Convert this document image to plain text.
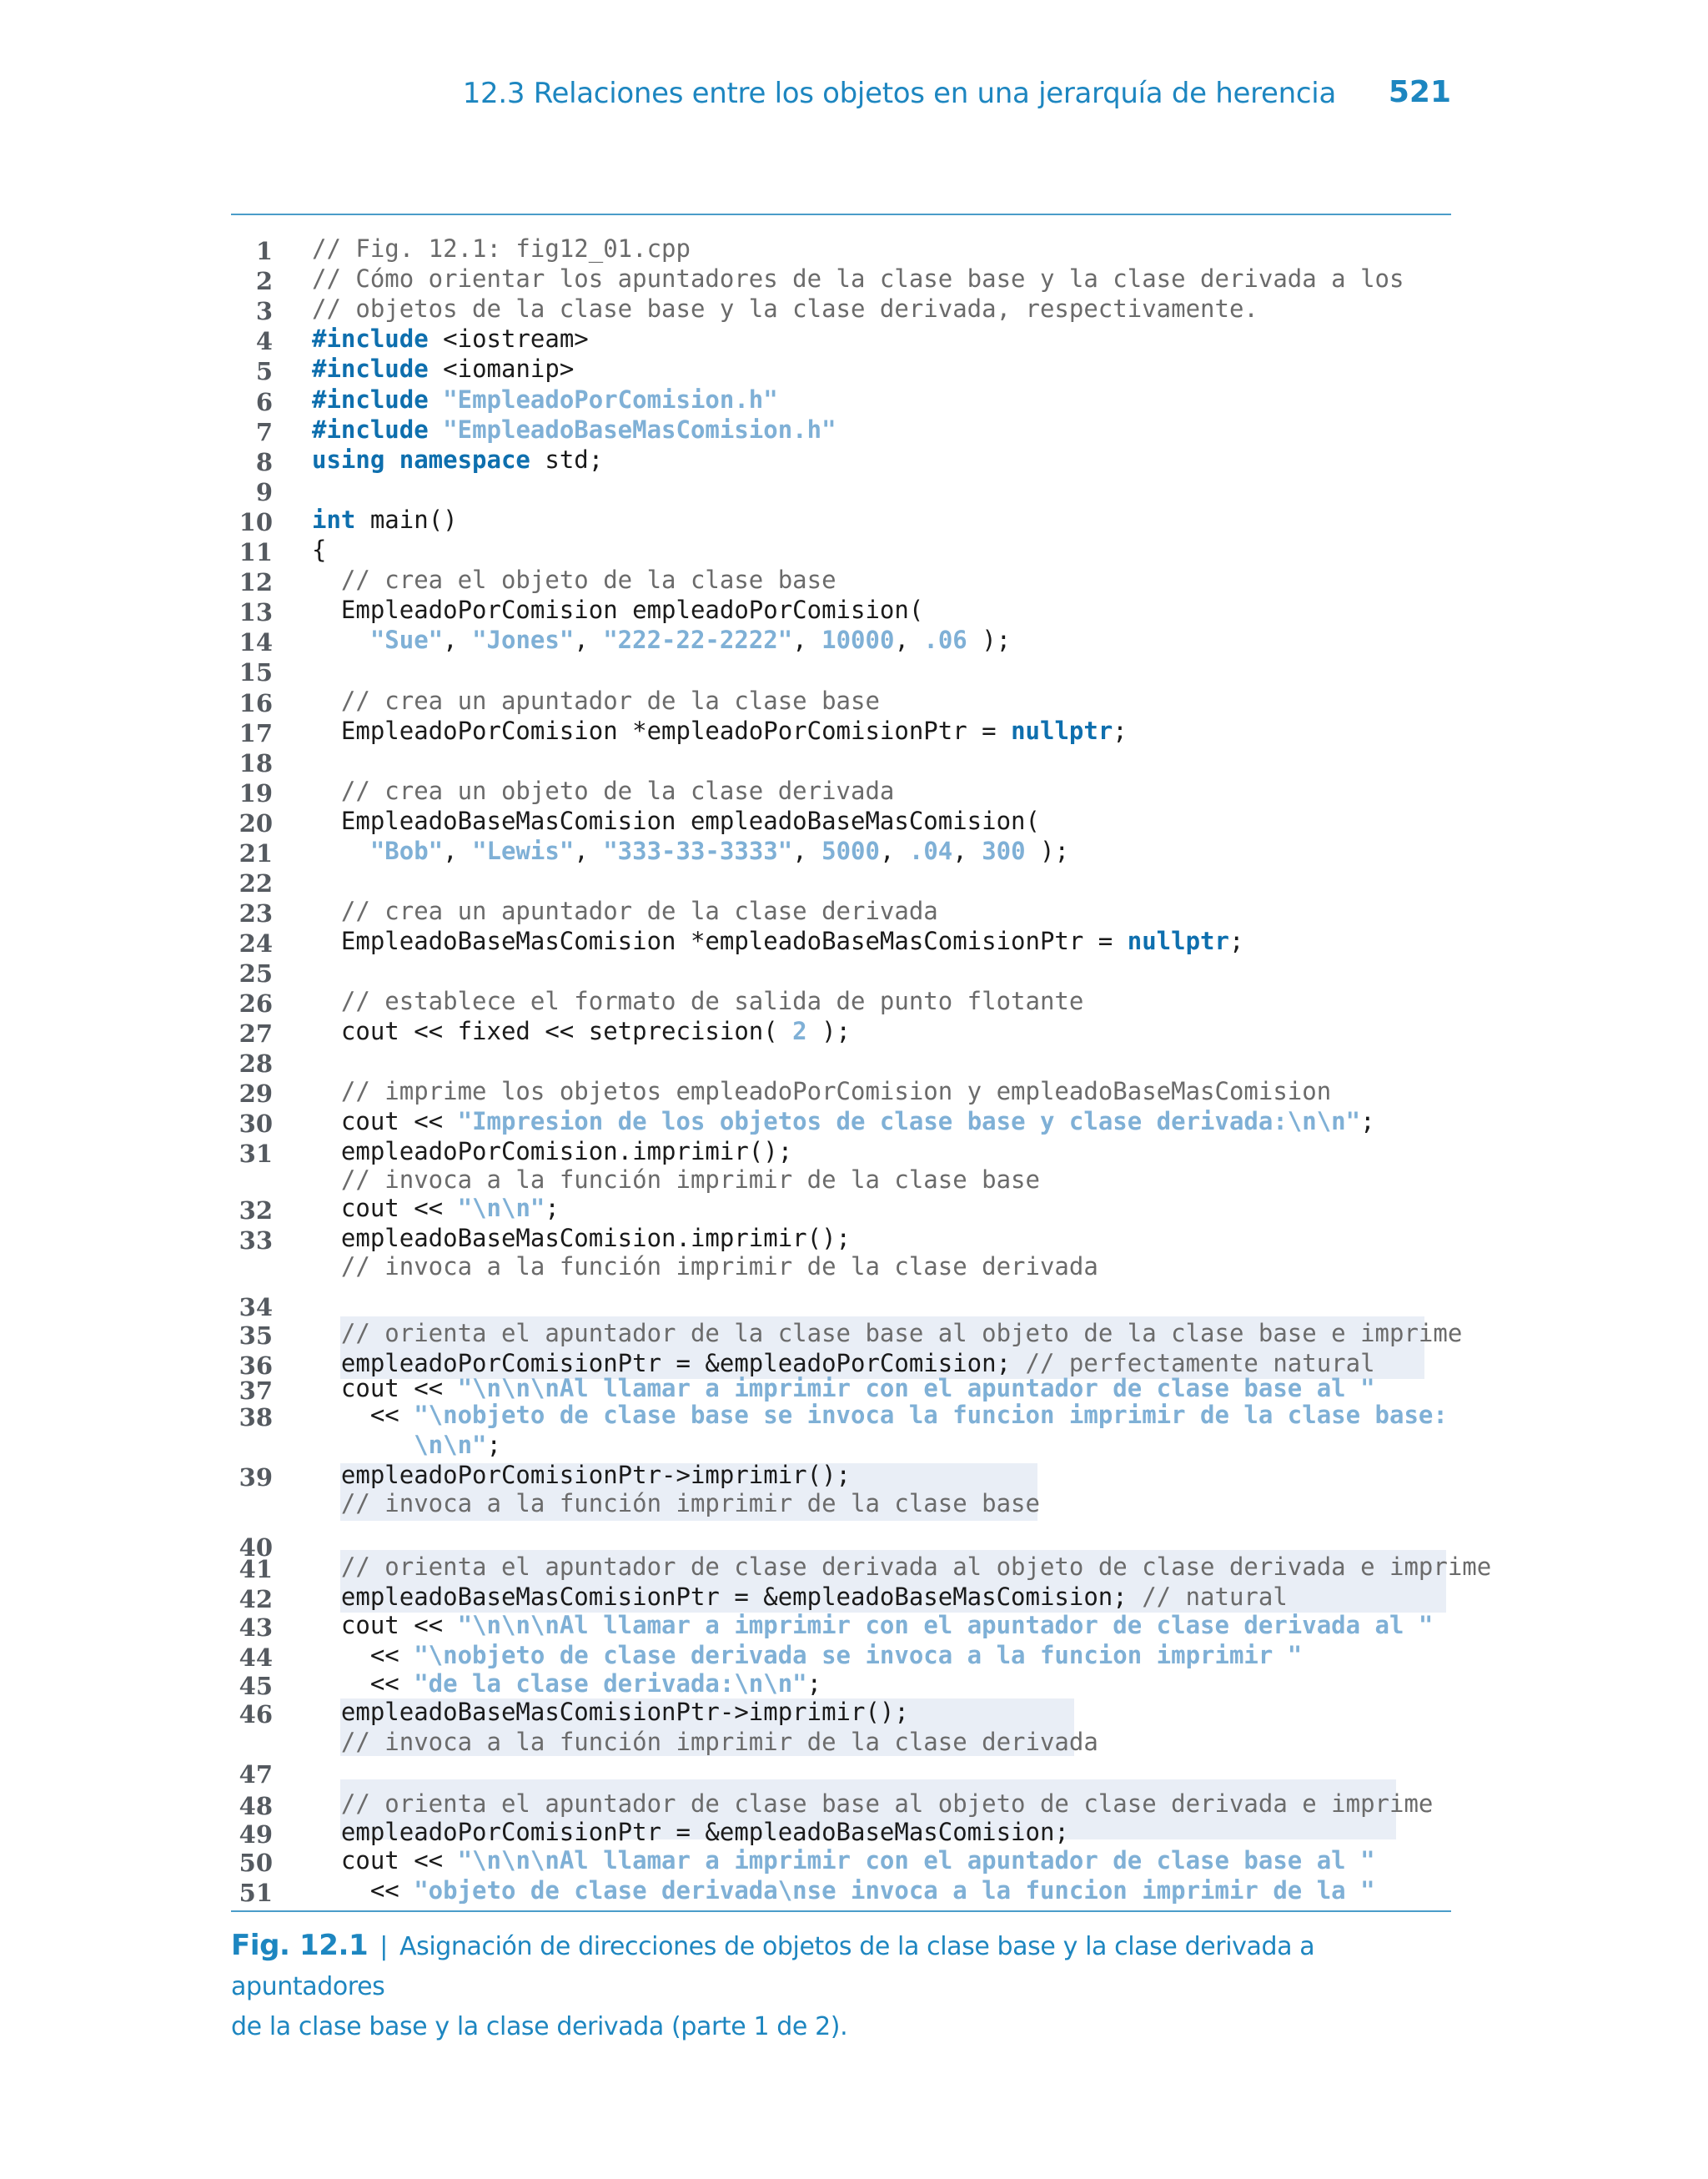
12.3 Relaciones entre los objetos en una jerarquía de herencia 521
1 // Fig. 12.1: fig12_01.cpp
2 // Cómo orientar los apuntadores de la clase base y la clase derivada a los
3 // objetos de la clase base y la clase derivada, respectivamente.
4 #include <iostream>
5 #include <iomanip>
6 #include "EmpleadoPorComision.h"
7 #include "EmpleadoBaseMasComision.h"
8 using namespace std;
9
10 int main()
11 {
12	// crea el objeto de la clase base
13 EmpleadoPorComision empleadoPorComision(
14	"Sue", "Jones", "222-22-2222", 10000, .06 );
15
16	// crea un apuntador de la clase base
17 EmpleadoPorComision *empleadoPorComisionPtr = nullptr;
18
19	// crea un objeto de la clase derivada
20 EmpleadoBaseMasComision empleadoBaseMasComision(
21	"Bob", "Lewis", "333-33-3333", 5000, .04, 300 );
22
23	// crea un apuntador de la clase derivada
24 EmpleadoBaseMasComision *empleadoBaseMasComisionPtr = nullptr;
25
26	// establece el formato de salida de punto flotante
27 cout << fixed << setprecision( 2 );
28
29	// imprime los objetos empleadoPorComision y empleadoBaseMasComision
30 cout << "Impresion de los objetos de clase base y clase derivada:\n\n";
31 empleadoPorComision.imprimir();
// invoca a la función imprimir de la clase base
32 cout << "\n\n";
33 empleadoBaseMasComision.imprimir();
// invoca a la función imprimir de la clase derivada
34
35	// orienta el apuntador de la clase base al objeto de la clase base e imprime
36 empleadoPorComisionPtr = &empleadoPorComision; // perfectamente natural
37 cout << "\n\n\nAl llamar a imprimir con el apuntador de clase base al "
38 << "\nobjeto de clase base se invoca la funcion imprimir de la clase base:
\n\n";
39 empleadoPorComisionPtr->imprimir();
// invoca a la función imprimir de la clase base
40
41	// orienta el apuntador de clase derivada al objeto de clase derivada e imprime
42 empleadoBaseMasComisionPtr = &empleadoBaseMasComision; // natural
43 cout << "\n\n\nAl llamar a imprimir con el apuntador de clase derivada al "
44 << "\nobjeto de clase derivada se invoca a la funcion imprimir "
45 << "de la clase derivada:\n\n";
46 empleadoBaseMasComisionPtr->imprimir();
// invoca a la función imprimir de la clase derivada
47
48	// orienta el apuntador de clase base al objeto de clase derivada e imprime
49 empleadoPorComisionPtr = &empleadoBaseMasComision;
50 cout << "\n\n\nAl llamar a imprimir con el apuntador de clase base al "
51 << "objeto de clase derivada\nse invoca a la funcion imprimir de la "
Fig. 12.1 | Asignación de direcciones de objetos de la clase base y la clase derivada a apuntadores
de la clase base y la clase derivada (parte 1 de 2).
